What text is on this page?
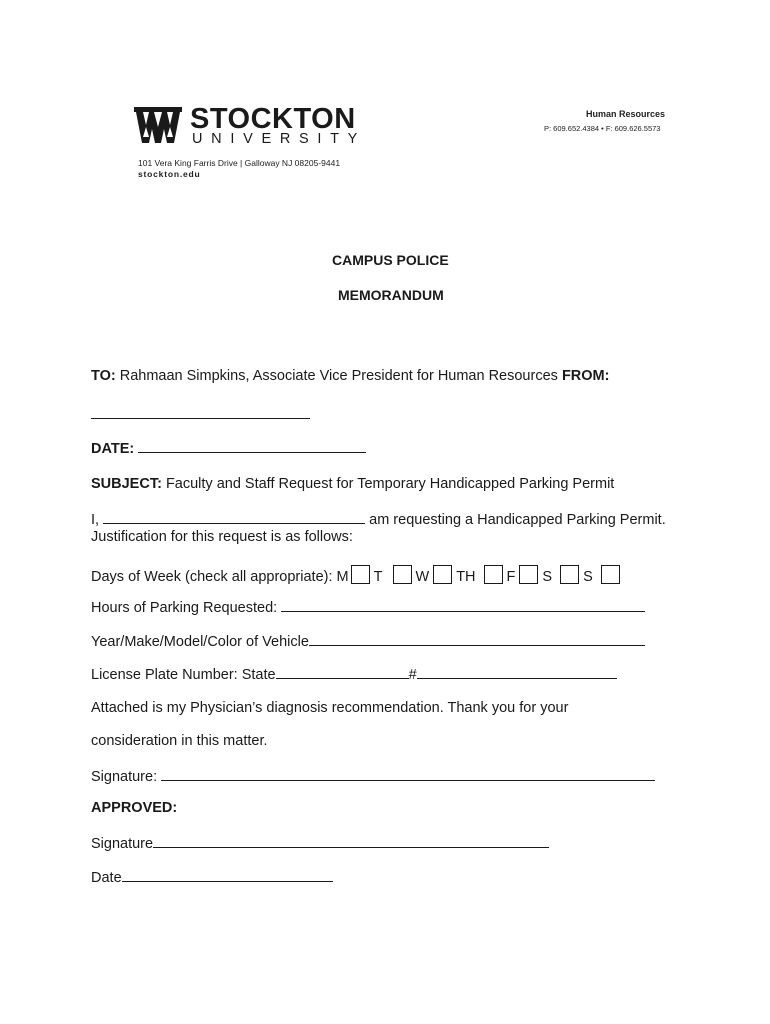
STOCKTON
UNIVERSITY
101 Vera King Farris Drive | Galloway NJ 08205-9441
stockton.edu
Human Resources
P: 609.652.4384 • F: 609.626.5573
CAMPUS POLICE
MEMORANDUM
TO: Rahmaan Simpkins, Associate Vice President for Human Resources FROM:
DATE:
SUBJECT: Faculty and Staff Request for Temporary Handicapped Parking Permit
I,	am requesting a Handicapped Parking Permit.
Justification for this request is as follows:
Days of Week (check all appropriate): M T W TH F S S
Hours of Parking Requested:
Year/Make/Model/Color of Vehicle
License Plate Number: State	#
Attached is my Physician’s diagnosis recommendation. Thank you for your
consideration in this matter.
Signature:
APPROVED:
Signature
Date
